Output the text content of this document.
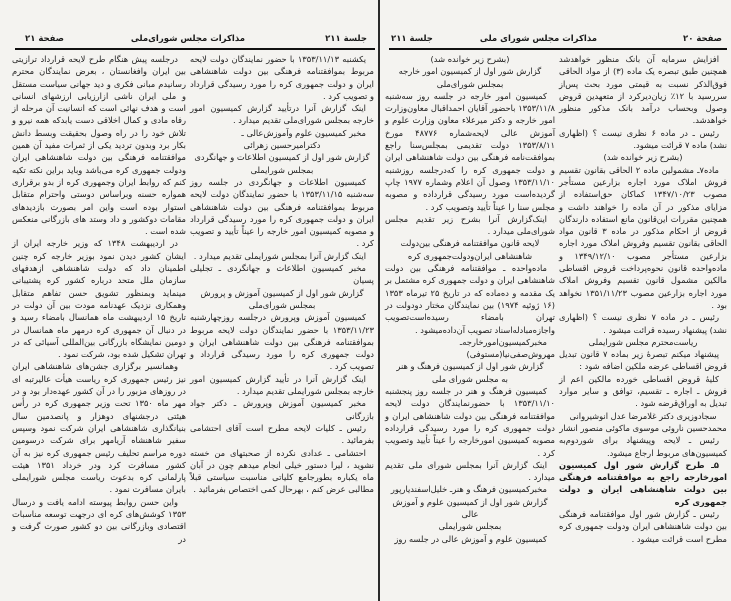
جلسة ۲۱۱
مذاکرات مجلس شورای‌ملی
صفحة ۲۱

یکشنبه ۱۳۵۳/۱۱/۱۳ با حضور نمایندگان دولت لایحه مربوط بموافقتنامه فرهنگی بین دولت شاهنشاهی ایران و دولت جمهوری کره را مورد رسیدگی قرارداد و تصویب کرد .

اینک گزارش آنرا درتأیید گزارش کمیسیون امور خارجه بمجلس شورای‌ملی تقدیم میدارد .

مخبر کمیسیون علوم وآموزش‌عالی ـ

دکترامیرحسین زهرائی

گزارش شور اول از کمیسیون اطلاعات و جهانگردی

بمجلس شورایملی

کمیسیون اطلاعات و جهانگردی در جلسه روز سه‌شنبه ۱۳۵۳/۱۱/۱۵ با حضور نمایندگان دولت لایحه مربوط بموافقتنامه فرهنگی بین دولت شاهنشاهی ایران و دولت جمهوری کره را مورد رسیدگی قرارداد و مصوبه کمیسیون امور خارجه را عیناً تأیید و تصویب کرد .

اینک گزارش آنرا بمجلس شورایملی تقدیم میدارد .

مخبر کمیسیون اطلاعات و جهانگردی ـ تجلیلی پسیان

گزارش شور اول از کمیسیون آموزش و پرورش بمجلس شورای‌ملی

کمیسیون آموزش وپرورش درجلسه روزچهارشنبه ۱۳۵۳/۱۱/۲۳ با حضور نمایندگان دولت لایحه مربوط بموافقتنامه فرهنگی بین دولت شاهنشاهی ایران و دولت جمهوری کره را مورد رسیدگی قرارداد و تصویب کرد .

اینک گزارش آنرا در تأیید گزارش کمیسیون امور خارجه بمجلس شورایملی تقدیم میدارد .

مخبر کمیسیون آموزش وپرورش ـ دکتر جواد بازرگانی

رئیس ـ کلیات لایحه مطرح است آقای احتشامی بفرمائید .

احتشامی ـ عدادی نکرده از صحبتهای من خسته نشوید ، لیرا دستور خیلی انجام میدهم چون در آبان ماه یکباره بطورجامع کلیاتی مناسبت سیاستی قبلاً مطالبی عرض کنم ، بهرحال کمی اختصاص بفرمائید .

درجلسه پیش هنگام طرح لایحه قرارداد ترازیتی بین ایران وافغانستان ، بعرض نمایندگان محترم رسانیدم مبانی فکری و دید جهانی سیاست مستقل و ملی ایران ناشی ازارزیابی ارزشهای انسانی است و هدف نهائی است که انسانیت آن مرحله از رفاه مادی و کمال اخلاقی دست یابدکه همه نیرو و تلاش خود را در راه وصول بحقیقت وبسط دانش بکار برد وبدون تردید یکی از ثمرات مفید آن همین موافقتنامه فرهنگی بین دولت شاهنشاهی ایران ودولت جمهوری کره می‌باشد وباید براین نکته تکیه کنم که روابط ایران وجمهوری کره از بدو برقراری همواره حسنه وبراساس دوستی واحترام متقابل استوار بوده است واین امر بصورت بازدیدهای مقامات دوکشور و داد وستد های بازرگانی منعکس شده است .

در اردیبهشت ۱۳۴۸ که وزیر خارجه ایران از ایشان کشور دیدن نمود بوزیر خارجه کره چنین اطمینان داد که دولت شاهنشاهی ازهدفهای سازمان ملل متحد درباره کشور کره پشتیبانی مینماید وبمنظور تشویق حسن تفاهم متقابل وهمکاری نزدیک عهدنامه مودت بین آن دولت در تاریخ ۱۵ اردیبهشت ماه همانسال بامضاء رسید و در دنبال آن جمهوری کره درمهر ماه همانسال در دومین نمایشگاه بازرگانی بین‌المللی آسیائی که در تهران تشکیل شده بود، شرکت نمود .

وهمانسیر برگزاری جشن‌های شاهنشاهی ایران نیز رئیس جمهوری کره ریاست هیأت عالیرتبه ای در روزهای مزبور را در آن کشور عهده‌دار بود و در مهر ماه ۱۳۵۰ تحت وزیر جمهوری کره در رأس هیئتی درجشنهای دوهزار و پانصدمین سال بنیانگذاری شاهنشاهی ایران شرکت نمود وسپس سفیر شاهنشاه آریامهر برای شرکت درسومین دوره مراسم تحلیف رئیس جمهوری کره نیز به آن کشور مسافرت کرد ودر خرداد ۱۳۵۱ هیئت پارلمانی کره بدعوت ریاست مجلس شورایملی بایران مسافرت نمود .

واین حسن روابط پیوسته ادامه یافت و درسال ۱۳۵۳ کوشش‌های کره ای درجهت توسعه مناسبات اقتصادی وبازرگانی بین دو کشور صورت گرفت و در

صفحة ۲۰
مذاکرات مجلس شورای ملی
جلسة ۲۱۱

افزایش سرمایه آن بانک منظور خواهدشد همچنین طبق تبصره یک ماده (۳) از مواد الحاقی فوق‌الذکر نسبت به قیمتی مورد بحث پس‌از سررسید با ۱۲٪ زیان‌دیرکرد از متعهدین قروض وصول وبحساب درآمد بانک مذکور منظور خواهدشد.

رئیس ـ در ماده ۶ نظری نیست ؟ (اظهاری نشد) ماده ۷ قرائت میشود.

(بشرح زیر خوانده شد)

ماده۷ـ مشمولین ماده ۲ الحاقی بقانون تقسیم فروش املاک مورد اجاره بزارعین مستأجر مصوب ۱۳۴۷/۱۰/۲۳ کماکان حق‌استفاده از مزایای مذکور در آن ماده را خواهند داشت و همچنین مقررات این‌قانون مانع استفاده دارندگان قروض از احکام مذکور در ماده ۳ قانون مواد الحاقی بقانون تقسیم وفروش املاک مورد اجاره بزارعین مستأجر مصوب ۱۳۴۹/۱۲/۱۰ و ماده‌واحده قانون نحوه‌پرداخت قروض اقساطی مالکین مشمول قانون تقسیم وفروش املاک مورد اجاره بزارعین مصوب ۱۳۵۱/۱۱/۲۳ نخواهد بود .

رئیس ـ در ماده ۷ نظری نیست ؟ (اظهاری نشد) پیشنهاد رسیده قرائت میشود .

ریاست‌محترم مجلس شورایملی

پیشنهاد میکنم تبصرهٔ زیر بماده ۷ قانون تبدیل قروض اقساطی عرضه ملکین اضافه شود :

کلیهٔ قروض اقساطی خورده مالکین اعم از فروش ـ اجاره ـ تقسیم، توافق و سایر موارد تبدیل به اوراق‌قرضه شود .

سجادوزیری دکتر غلامرضا عدل انوشیروانی

محمدحسین ناروئی موسوی ماکوئی منصور انشار

رئیس ـ لایحه وپیشنهاد برای شوردوم‌به کمیسیون‌های مربوط ارجاع میشود.

۵ـ طرح گزارش شور اول کمیسیون امورخارجه راجع به موافقتنامه فرهنگی بین دولت شاهنشاهی ایران و دولت جمهوری کره

رئیس ـ گزارش شور اول موافقتنامه فرهنگی بین دولت شاهنشاهی ایران ودولت جمهوری کره مطرح است قرائت میشود .

(بشرح زیر خوانده شد)

گزارش شور اول از کمیسیون امور خارجه

بمجلس شورای‌ملی

کمیسیون امور خارجه در جلسه روز سه‌شنبه ۱۳۵۳/۱۱/۸ باحضور آقایان احمداقبال معاون‌وزارت امور خارجه و دکتر میرعلاء معاون وزارت علوم و آموزش عالی لایحه‌شماره ۴۸۷۷۶ مورخ ۱۳۵۳/۸/۱۱ دولت تقدیمی بمجلس‌سنا راجع بموافقت‌نامه فرهنگی بین دولت شاهنشاهی ایران و دولت جمهوری کره را که‌درجلسه روزشنبه ۱۳۵۳/۱۱/۱۰ وصول آن اعلام وشماره ۱۹۷۷ چاپ گردیده‌است مورد رسیدگی قرارداده و مصوبه مجلس سنا را عیناً تأیید وتصویب کرد .

اینک‌گزارش آنرا بشرح زیر تقدیم مجلس شورای‌ملی میدارد .

لایحه قانون موافقتنامه فرهنگی بین‌دولت شاهنشاهی ایران‌ودولت‌جمهوری کره

ماده‌واحده ـ موافقتنامه فرهنگی بین دولت شاهنشاهی ایران و دولت جمهوری کره مشتمل بر یک مقدمه و ده‌ماده که در تاریخ ۲۵ تیرماه ۱۳۵۳ (۱۶ ژوئیه ۱۹۷۴) بین نمایندگان مختار دودولت در تهران بامضاء رسیده‌است‌تصویب واجازه‌مبادله‌اسناد تصویب آن‌داده‌میشود .

مخبرکمیسیون‌امورخارجه‌ـ مهروش‌صفی‌نیا(مستوفی)

گزارش شور اول از کمیسیون فرهنگ و هنر

به مجلس شورای ملی

کمیسیون فرهنگ و هنر در جلسه روز پنجشنبه ۱۳۵۳/۱۱/۱۰ با حضورنمایندگان دولت لایحه موافقتنامه فرهنگی بین دولت شاهنشاهی ایران و دولت جمهوری کره را مورد رسیدگی قرارداده مصوبه کمیسیون امورخارجه را عیناً تأیید وتصویب کرد .

اینک گزارش آنرا بمجلس شورای ملی تقدیم میدارد .

مخبرکمیسیون فرهنگ و هنرـ خلیل‌اسفندیارپور

گزارش شور اول از کمیسیون علوم و آموزش عالی

بمجلس شورایملی

کمیسیون علوم و آموزش عالی در جلسه روز
